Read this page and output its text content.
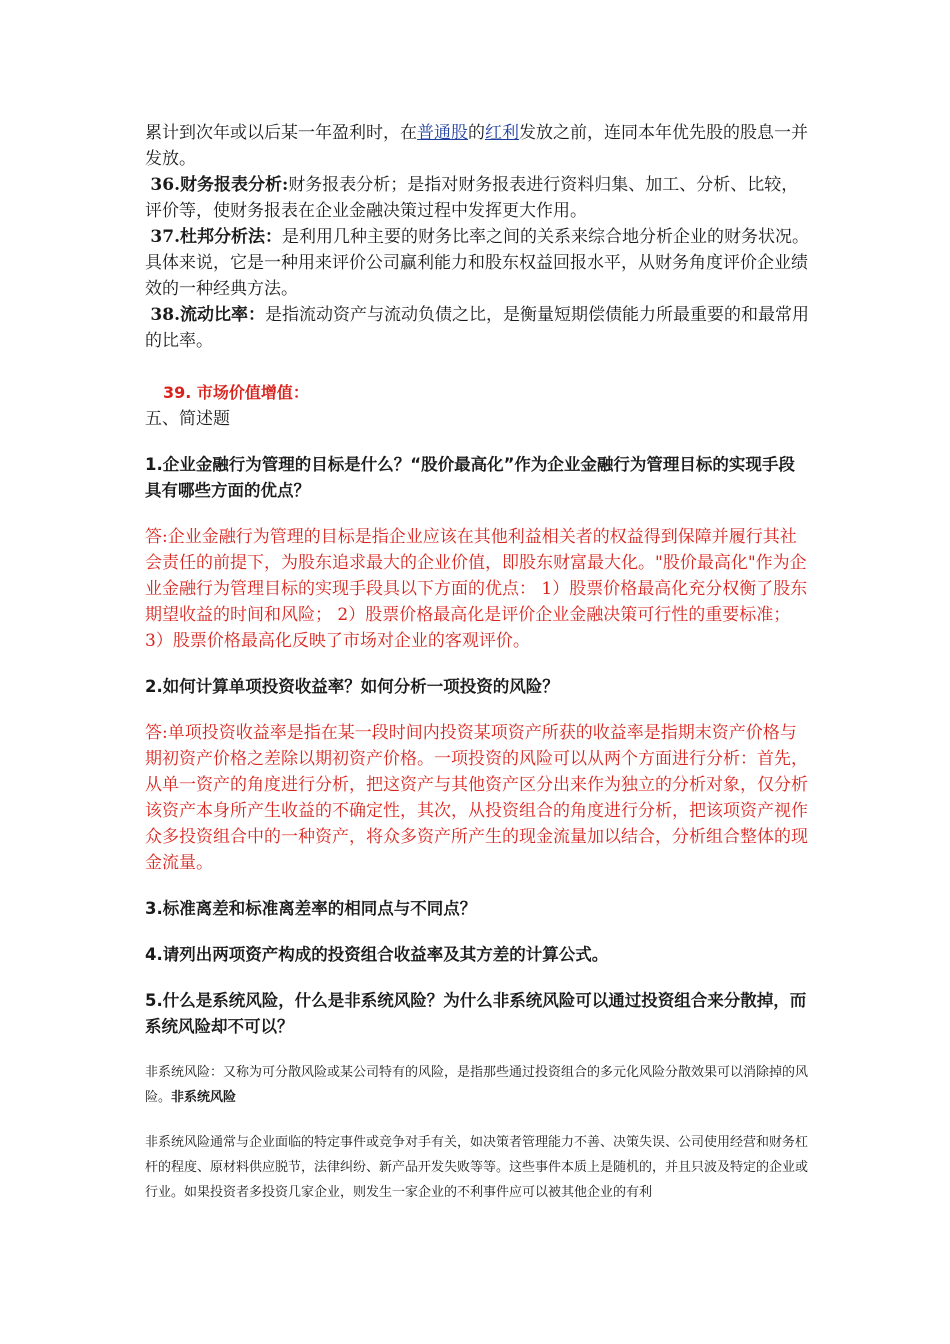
累计到次年或以后某一年盈利时，在普通股的红利发放之前，连同本年优先股的股息一并发放。

36.财务报表分析:财务报表分析；是指对财务报表进行资料归集、加工、分析、比较，评价等，使财务报表在企业金融决策过程中发挥更大作用。

37.杜邦分析法：是利用几种主要的财务比率之间的关系来综合地分析企业的财务状况。具体来说，它是一种用来评价公司赢利能力和股东权益回报水平，从财务角度评价企业绩效的一种经典方法。

38.流动比率：是指流动资产与流动负债之比，是衡量短期偿债能力所最重要的和最常用的比率。

39. 市场价值增值：

五、简述题

1.企业金融行为管理的目标是什么？“股价最高化”作为企业金融行为管理目标的实现手段具有哪些方面的优点？

答:企业金融行为管理的目标是指企业应该在其他利益相关者的权益得到保障并履行其社会责任的前提下，为股东追求最大的企业价值，即股东财富最大化。"股价最高化"作为企业金融行为管理目标的实现手段具以下方面的优点： 1）股票价格最高化充分权衡了股东期望收益的时间和风险； 2）股票价格最高化是评价企业金融决策可行性的重要标准； 3）股票价格最高化反映了市场对企业的客观评价。

2.如何计算单项投资收益率？如何分析一项投资的风险？

答:单项投资收益率是指在某一段时间内投资某项资产所获的收益率是指期末资产价格与期初资产价格之差除以期初资产价格。一项投资的风险可以从两个方面进行分析：首先，从单一资产的角度进行分析，把这资产与其他资产区分出来作为独立的分析对象，仅分析该资产本身所产生收益的不确定性，其次，从投资组合的角度进行分析，把该项资产视作众多投资组合中的一种资产，将众多资产所产生的现金流量加以结合，分析组合整体的现金流量。

3.标准离差和标准离差率的相同点与不同点？

4.请列出两项资产构成的投资组合收益率及其方差的计算公式。

5.什么是系统风险，什么是非系统风险？为什么非系统风险可以通过投资组合来分散掉，而系统风险却不可以？

非系统风险：又称为可分散风险或某公司特有的风险，是指那些通过投资组合的多元化风险分散效果可以消除掉的风险。非系统风险

非系统风险通常与企业面临的特定事件或竞争对手有关，如决策者管理能力不善、决策失误、公司使用经营和财务杠杆的程度、原材料供应脱节，法律纠纷、新产品开发失败等等。这些事件本质上是随机的，并且只波及特定的企业或行业。如果投资者多投资几家企业，则发生一家企业的不利事件应可以被其他企业的有利
